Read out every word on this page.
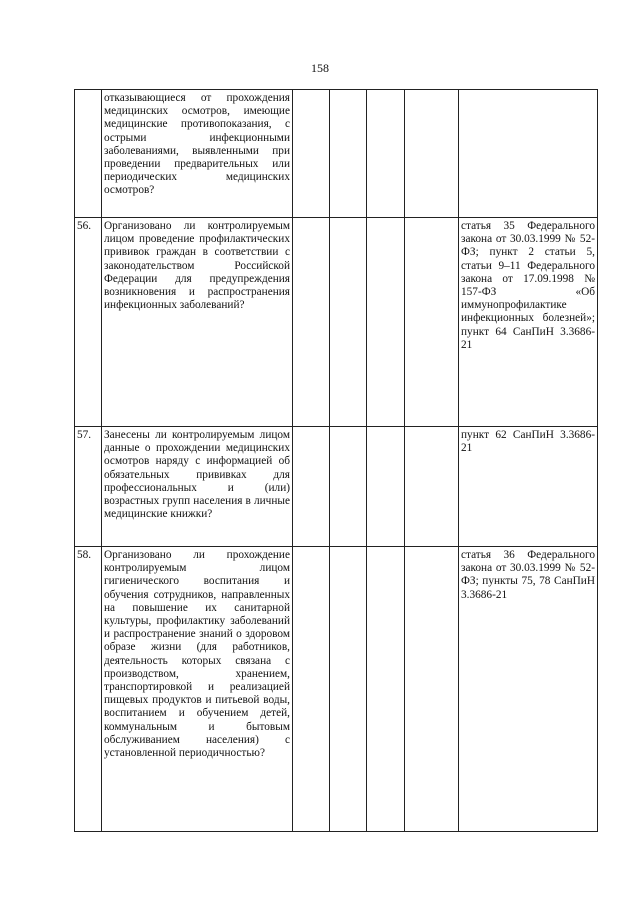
158

	отказывающиеся от прохождения медицинских осмотров, имеющие медицинские противопоказания, с острыми инфекционными заболеваниями, выявленными при проведении предварительных или периодических медицинских осмотров?					

56.	Организовано ли контролируемым лицом проведение профилактических прививок граждан в соответствии с законодательством Российской Федерации для предупреждения возникновения и распространения инфекционных заболеваний?					статья 35 Федерального закона от 30.03.1999 № 52-ФЗ; пункт 2 статьи 5, статьи 9–11 Федерального закона от 17.09.1998 № 157-ФЗ «Об иммунопрофилактике инфекционных болезней»; пункт 64 СанПиН 3.3686-21

57.	Занесены ли контролируемым лицом данные о прохождении медицинских осмотров наряду с информацией об обязательных прививках для профессиональных и (или) возрастных групп населения в личные медицинские книжки?					пункт 62 СанПиН 3.3686-21

58.	Организовано ли прохождение контролируемым лицом гигиенического воспитания и обучения сотрудников, направленных на повышение их санитарной культуры, профилактику заболеваний и распространение знаний о здоровом образе жизни (для работников, деятельность которых связана с производством, хранением, транспортировкой и реализацией пищевых продуктов и питьевой воды, воспитанием и обучением детей, коммунальным и бытовым обслуживанием населения) с установленной периодичностью?					статья 36 Федерального закона от 30.03.1999 № 52-ФЗ; пункты 75, 78 СанПиН 3.3686-21
